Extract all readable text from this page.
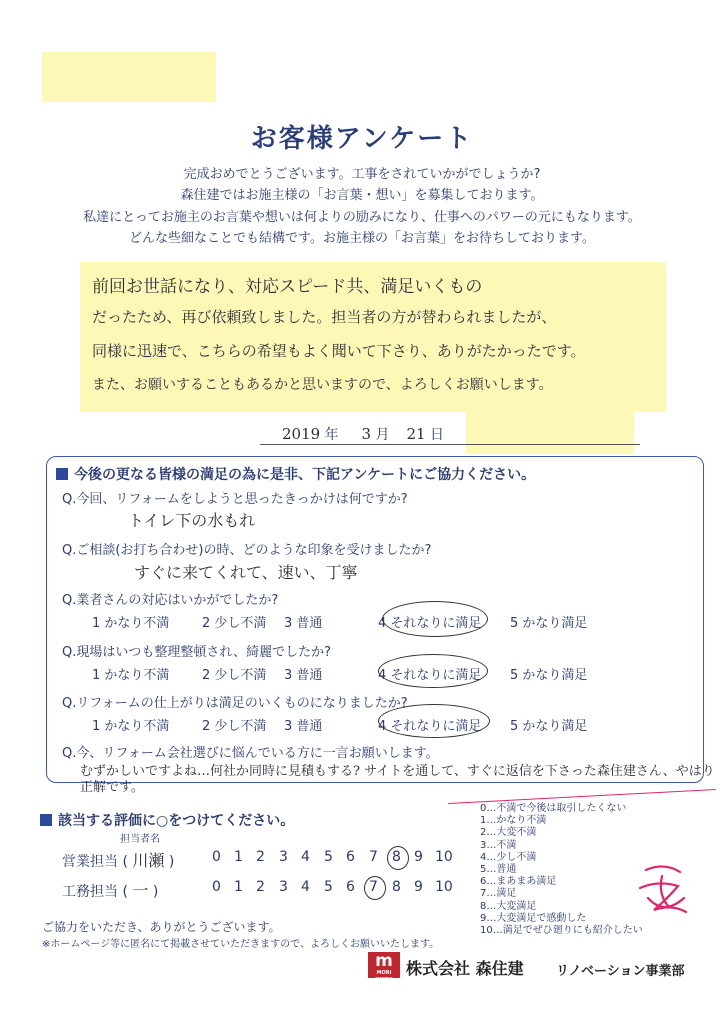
お客様アンケート
完成おめでとうございます。工事をされていかがでしょうか?
森住建ではお施主様の「お言葉・想い」を募集しております。
私達にとってお施主のお言葉や想いは何よりの励みになり、仕事へのパワーの元にもなります。
どんな些細なことでも結構です。お施主様の「お言葉」をお待ちしております。
前回お世話になり、対応スピード共、満足いくもの
だったため、再び依頼致しました。担当者の方が替わられましたが、
同様に迅速で、こちらの希望もよく聞いて下さり、ありがたかったです。
また、お願いすることもあるかと思いますので、よろしくお願いします。
2019 年 3 月 21 日
今後の更なる皆様の満足の為に是非、下記アンケートにご協力ください。
Q.今回、リフォームをしようと思ったきっかけは何ですか?
トイレ下の水もれ
Q.ご相談(お打ち合わせ)の時、どのような印象を受けましたか?
すぐに来てくれて、速い、丁寧
Q.業者さんの対応はいかがでしたか?
1 かなり不満	2 少し不満 3 普通	4 それなりに満足 5 かなり満足
Q.現場はいつも整理整頓され、綺麗でしたか?
1 かなり不満	2 少し不満 3 普通	4 それなりに満足 5 かなり満足
Q.リフォームの仕上がりは満足のいくものになりましたか?
1 かなり不満	2 少し不満 3 普通	4 それなりに満足 5 かなり満足
Q.今、リフォーム会社選びに悩んでいる方に一言お願いします。
むずかしいですよね…何社か同時に見積もする? サイトを通して、すぐに返信を下さった森住建さん、やはり正解です。
該当する評価に○をつけてください。
担当者名
営業担当 ( 川瀬 )	0 1 2 3 4 5 6 7 8 9 10
工務担当 ( 一 )	0 1 2 3 4 5 6 7 8 9 10
0…不満で今後は取引したくない
1…かなり不満
2…大変不満
3…不満
4…少し不満
5…普通
6…まあまあ満足
7…満足
8…大変満足
9…大変満足で感動した
10…満足でぜひ廻りにも紹介したい
ご協力をいただき、ありがとうございます。
※ホームページ等に匿名にて掲載させていただきますので、よろしくお願いいたします。
m
MORI JUKEN
株式会社 森住建 リノベーション事業部
